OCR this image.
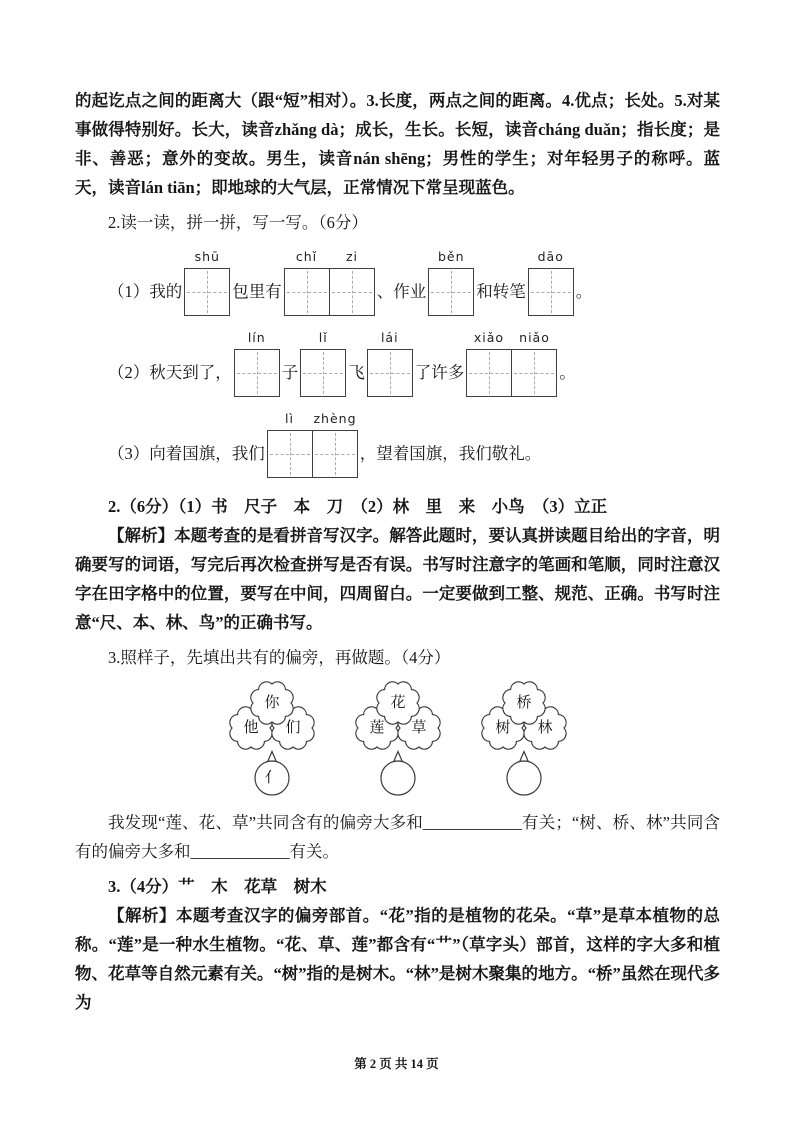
的起讫点之间的距离大（跟“短”相对）。3.长度，两点之间的距离。4.优点；长处。5.对某事做得特别好。长大，读音zhǎng dà；成长，生长。长短，读音cháng duǎn；指长度；是非、善恶；意外的变故。男生，读音nán shēng；男性的学生；对年轻男子的称呼。蓝天，读音lán tiān；即地球的大气层，正常情况下常呈现蓝色。

2.读一读，拼一拼，写一写。（6分）

（1）我的
shū
包里有
chǐ	zi
、作业
běn
和转笔
dāo
。
（2）秋天到了，
lín
子
lǐ
飞
lái
了许多
xiǎo	niǎo
。
（3）向着国旗，我们
lì	zhèng
，望着国旗，我们敬礼。

2.（6分）（1）书　尺子　本　刀　（2）林　里　来　小鸟　（3）立正

【解析】本题考查的是看拼音写汉字。解答此题时，要认真拼读题目给出的字音，明确要写的词语，写完后再次检查拼写是否有误。书写时注意字的笔画和笔顺，同时注意汉字在田字格中的位置，要写在中间，四周留白。一定要做到工整、规范、正确。书写时注意“尺、本、林、鸟”的正确书写。

3.照样子，先填出共有的偏旁，再做题。（4分）

你
他 们
亻
花
莲 草
桥
树 林

我发现“莲、花、草”共同含有的偏旁大多和____________有关；“树、桥、林”共同含有的偏旁大多和____________有关。

3.（4分）艹　木　花草　树木

【解析】本题考查汉字的偏旁部首。“花”指的是植物的花朵。“草”是草本植物的总称。“莲”是一种水生植物。“花、草、莲”都含有“艹”（草字头）部首，这样的字大多和植物、花草等自然元素有关。“树”指的是树木。“林”是树木聚集的地方。“桥”虽然在现代多为

第 2 页 共 14 页
